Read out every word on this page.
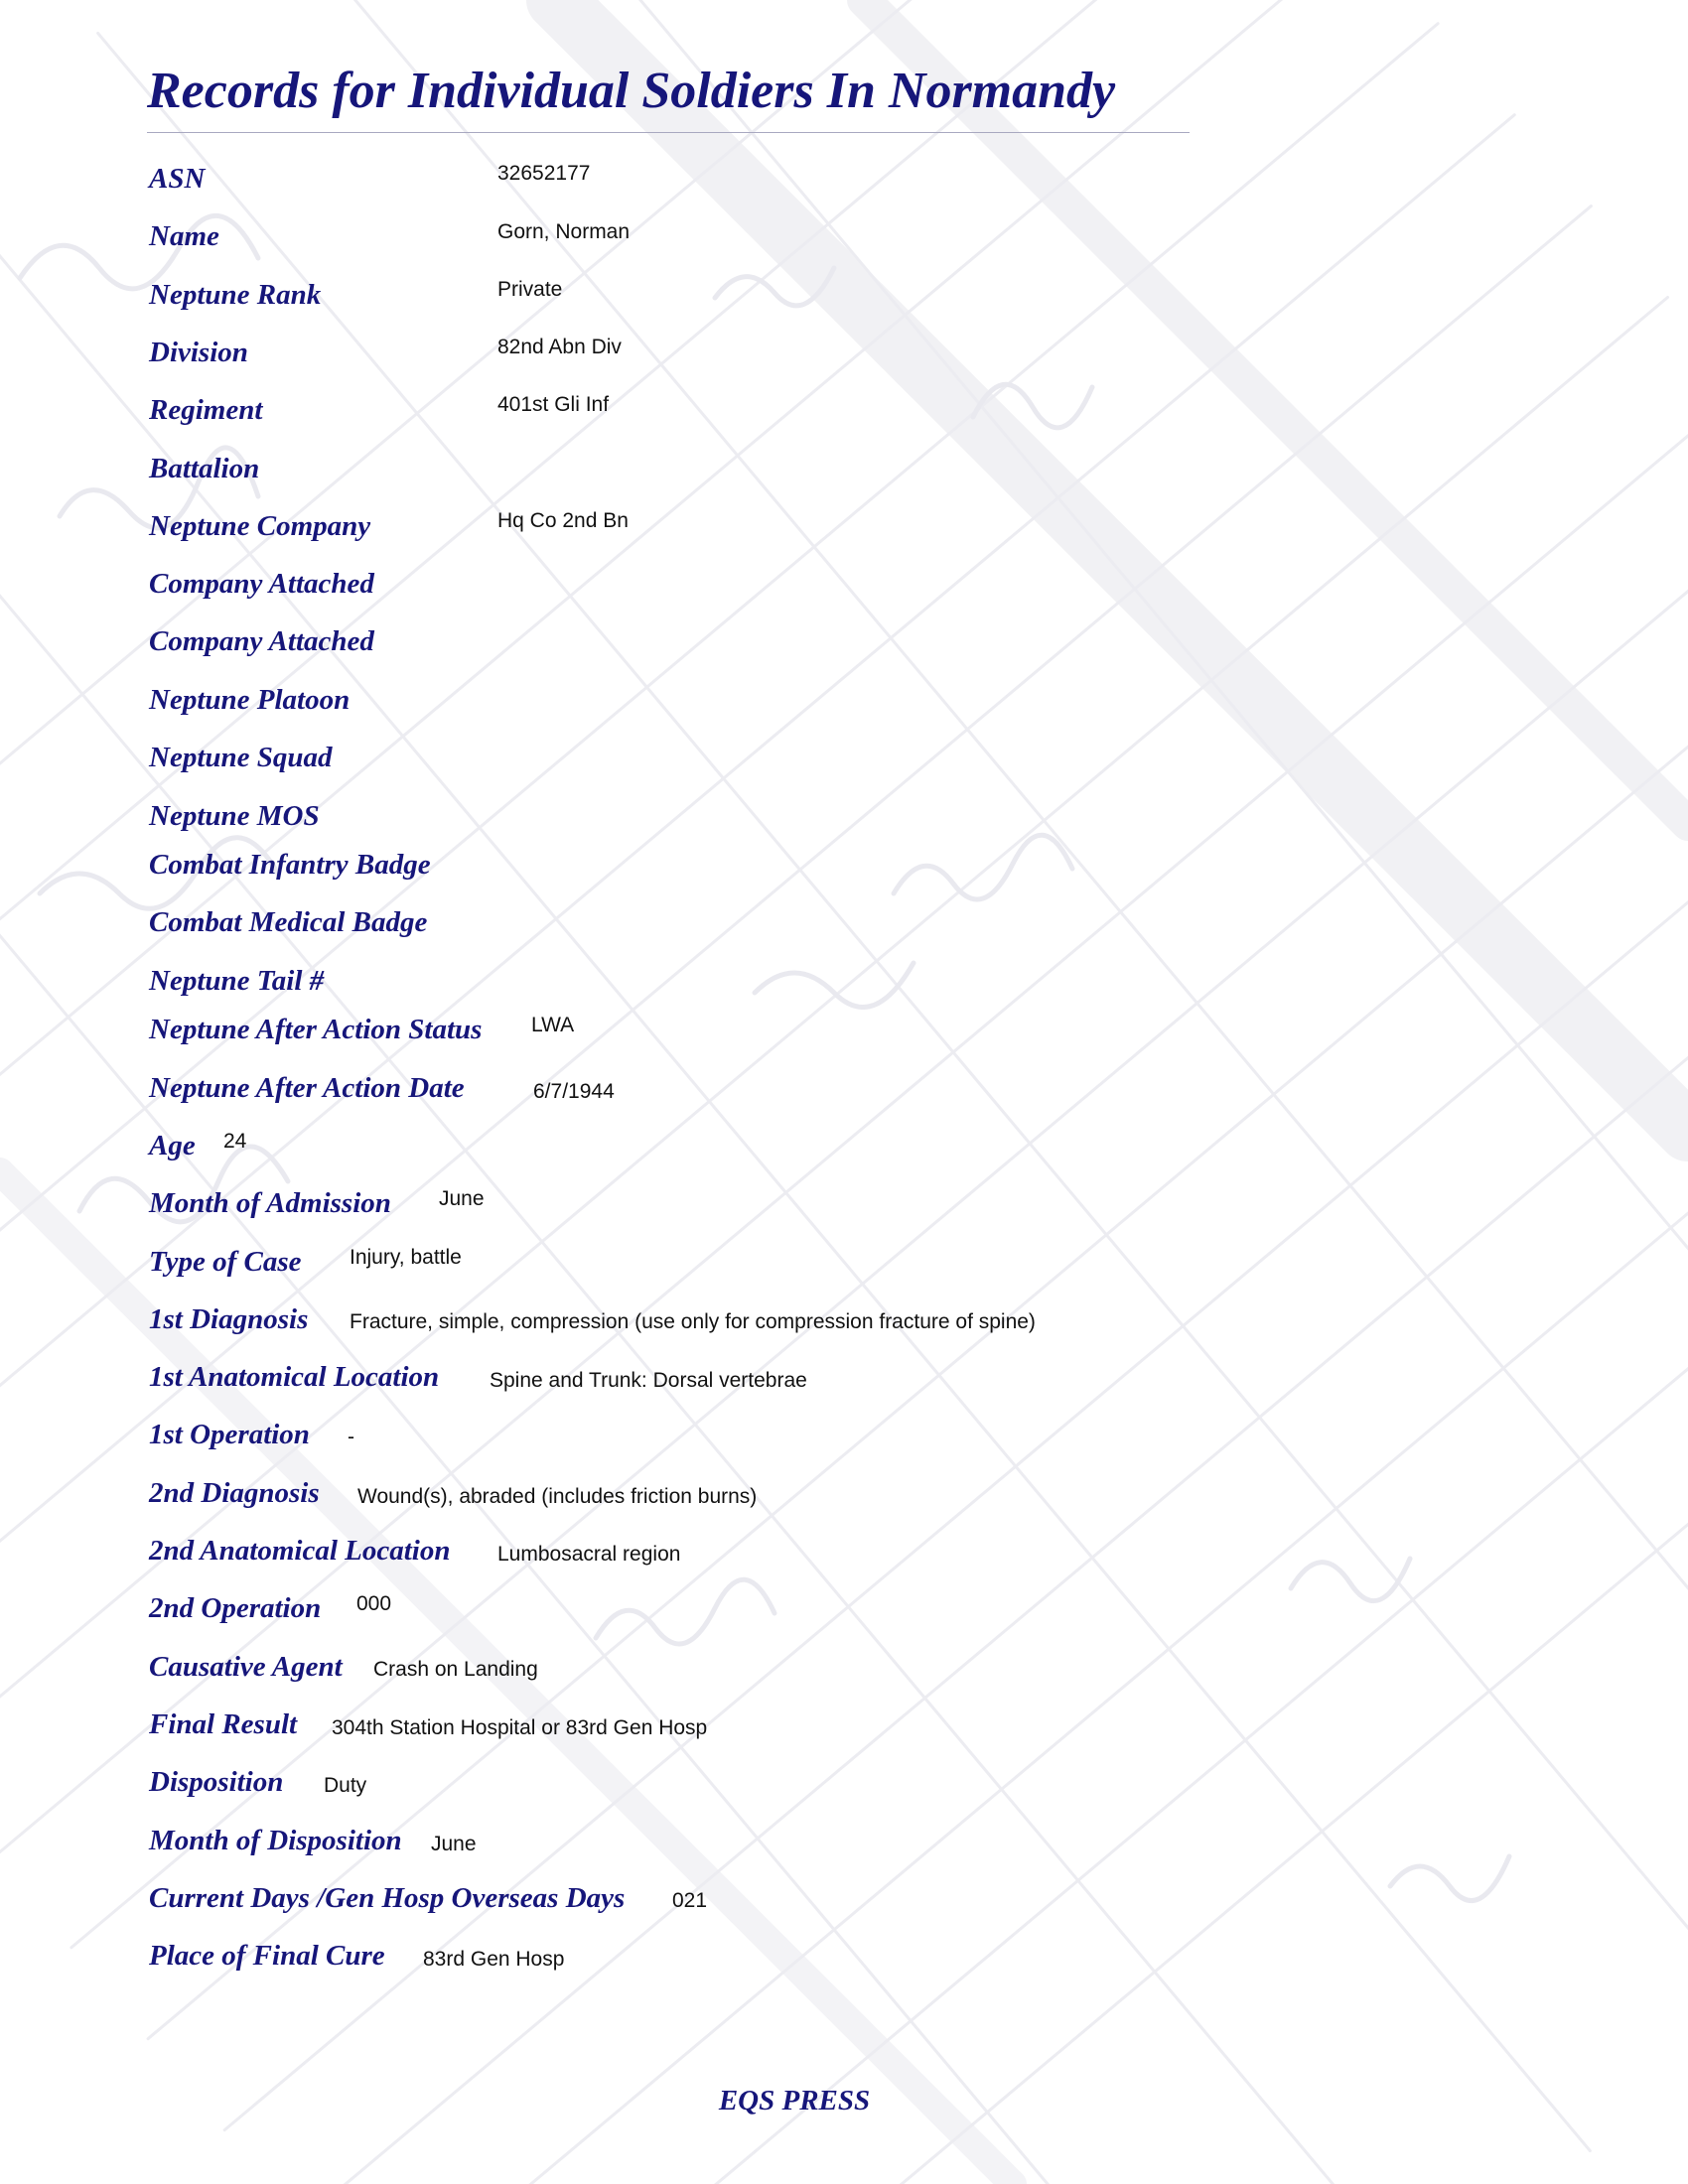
Records for Individual Soldiers In Normandy
ASN	32652177
Name	Gorn, Norman
Neptune Rank	Private
Division	82nd Abn Div
Regiment	401st Gli Inf
Battalion
Neptune Company	Hq Co 2nd Bn
Company Attached
Company Attached
Neptune Platoon
Neptune Squad
Neptune MOS
Combat Infantry Badge
Combat Medical Badge
Neptune Tail #
Neptune After Action Status LWA
Neptune After Action Date	6/7/1944
Age 24
Month of Admission June
Type of Case Injury, battle
1st Diagnosis Fracture, simple, compression (use only for compression fracture of spine)
1st Anatomical Location Spine and Trunk: Dorsal vertebrae
1st Operation -
2nd Diagnosis Wound(s), abraded (includes friction burns)
2nd Anatomical Location Lumbosacral region
2nd Operation 000
Causative Agent Crash on Landing
Final Result 304th Station Hospital or 83rd Gen Hosp
Disposition Duty
Month of Disposition June
Current Days /Gen Hosp Overseas Days 021
Place of Final Cure 83rd Gen Hosp
EQS PRESS
